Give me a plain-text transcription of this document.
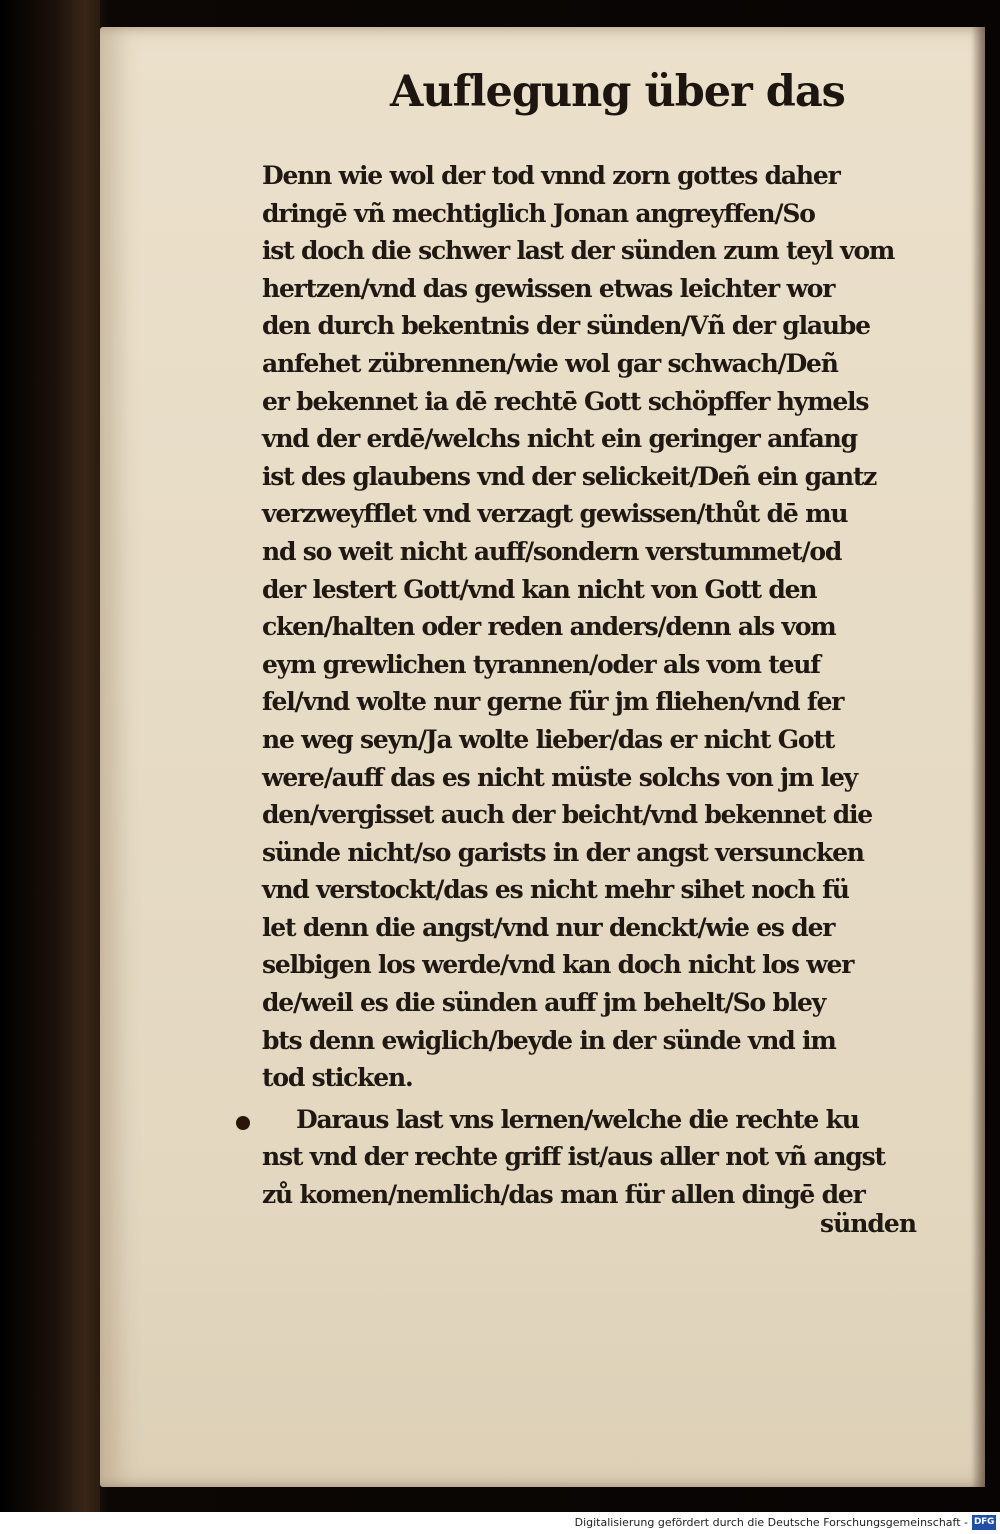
Auflegung über das
Denn wie wol der tod vnnd zorn gottes daher
dringē vñ mechtiglich Jonan angreyffen/So
ist doch die schwer last der sünden zum teyl vom
hertzen/vnd das gewissen etwas leichter wor
den durch bekentnis der sünden/Vñ der glaube
anfehet zübrennen/wie wol gar schwach/Deñ
er bekennet ia dē rechtē Gott schöpffer hymels
vnd der erdē/welchs nicht ein geringer anfang
ist des glaubens vnd der selickeit/Deñ ein gantz
verzweyfflet vnd verzagt gewissen/thůt dē mu
nd so weit nicht auff/sondern verstummet/od
der lestert Gott/vnd kan nicht von Gott den
cken/halten oder reden anders/denn als vom
eym grewlichen tyrannen/oder als vom teuf
fel/vnd wolte nur gerne für jm fliehen/vnd fer
ne weg seyn/Ja wolte lieber/das er nicht Gott
were/auff das es nicht müste solchs von jm ley
den/vergisset auch der beicht/vnd bekennet die
sünde nicht/so garists in der angst versuncken
vnd verstockt/das es nicht mehr sihet noch fü
let denn die angst/vnd nur denckt/wie es der
selbigen los werde/vnd kan doch nicht los wer
de/weil es die sünden auff jm behelt/So bley
bts denn ewiglich/beyde in der sünde vnd im
tod sticken.
Daraus last vns lernen/welche die rechte ku
nst vnd der rechte griff ist/aus aller not vñ angst
zů komen/nemlich/das man für allen dingē der
sünden
Digitalisierung gefördert durch die Deutsche Forschungsgemeinschaft - DFG
